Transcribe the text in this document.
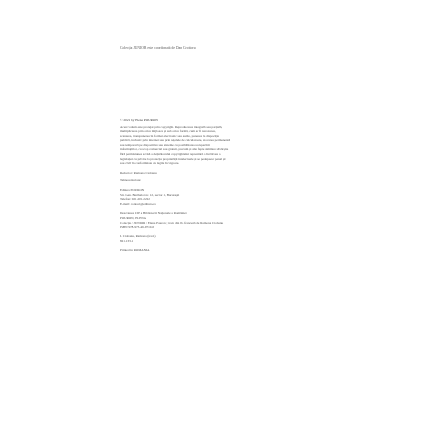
Colecția JUNIOR este coordonată de Dan Croitoru
© 2021 by Elena POURON
Acest volum este protejat prin copyright. Reproducerea integrală sau parțială,
multiplicarea prin orice mijloace și sub orice formă, cum ar fi xeroxarea,
scanarea, transpunerea în format electronic sau audio, punerea la dispoziția
publică, inclusiv prin internet sau prin rețelele de calculatoare, stocarea permanentă
sau temporară pe dispozitive sau sisteme cu posibilitatea recuperării
informațiilor, cu scop comercial sau gratuit, precum și alte fapte similare săvârșite
fără permisiunea scrisă a deținătorului copyrightului reprezintă o încălcare a
legislației cu privire la protecția proprietății intelectuale și se pedepsesc penal și/
sau civil în conformitate cu legile în vigoare.
Redactor: Ramona Ciobanu
Tehnoredactare:
Editura POURON
Str. Gen. Berthelot nr. 12, sector 1, Bucureşti
Telefon: 021.201.2222
E-mail: contact@editura.ro
Descrierea CIP a Bibliotecii Naţionale a României
POURON, ELENA
Colecția / JUNIOR / Elena Pouron ; trad. din lb. franceză de Ramona Ciobanu
ISBN 978-973-46-9710-0

I. Ciobanu, Ramona (trad.)
821.133.1

Printed in ROMANIA
